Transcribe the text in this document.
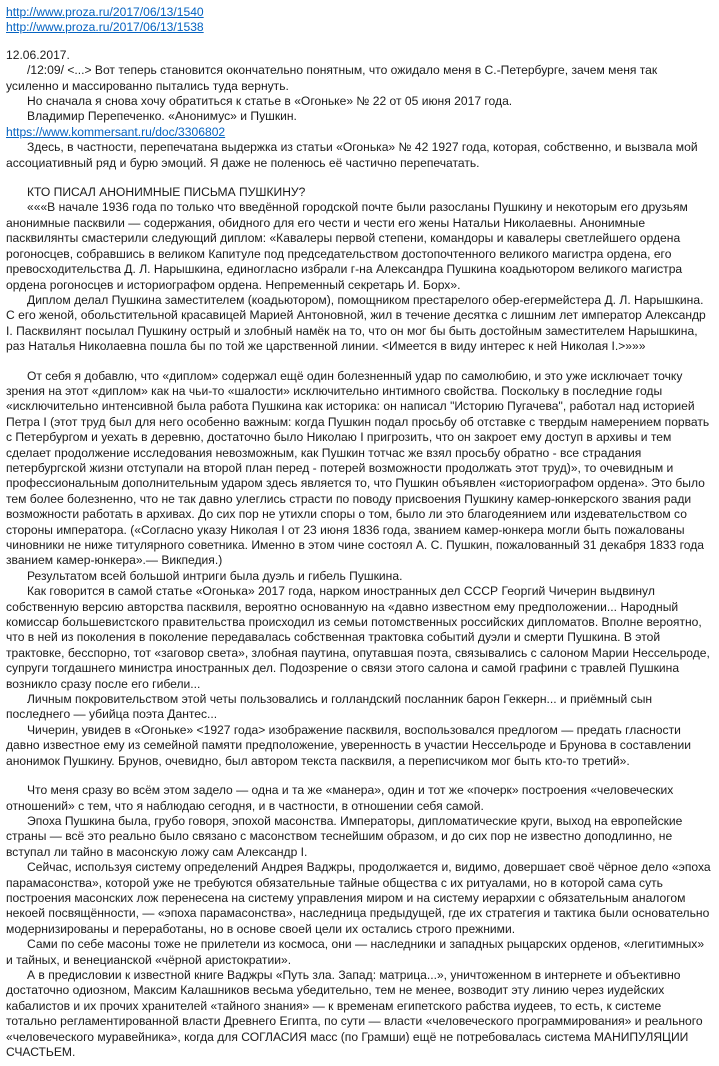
http://www.proza.ru/2017/06/13/1540
http://www.proza.ru/2017/06/13/1538

12.06.2017.

/12:09/ <...> Вот теперь становится окончательно понятным, что ожидало меня в С.-Петербурге, зачем меня так усиленно и массированно пытались туда вернуть.

Но сначала я снова хочу обратиться к статье в «Огоньке» № 22 от 05 июня 2017 года.

Владимир Перепеченко. «Анонимус» и Пушкин.

https://www.kommersant.ru/doc/3306802

Здесь, в частности, перепечатана выдержка из статьи «Огонька» № 42 1927 года, которая, собственно, и вызвала мой ассоциативный ряд и бурю эмоций. Я даже не поленюсь её частично перепечатать.

КТО ПИСАЛ АНОНИМНЫЕ ПИСЬМА ПУШКИНУ?

«««В начале 1936 года по только что введённой городской почте были разосланы Пушкину и некоторым его друзьям анонимные пасквили — содержания, обидного для его чести и чести его жены Натальи Николаевны. Анонимные пасквилянты смастерили следующий диплом: «Кавалеры первой степени, командоры и кавалеры светлейшего ордена рогоносцев, собравшись в великом Капитуле под председательством достопочтенного великого магистра ордена, его превосходительства Д. Л. Нарышкина, единогласно избрали г-на Александра Пушкина коадьютором великого магистра ордена рогоносцев и историографом ордена. Непременный секретарь И. Борх».

Диплом делал Пушкина заместителем (коадьютором), помощником престарелого обер-егермейстера Д. Л. Нарышкина. С его женой, обольстительной красавицей Марией Антоновной, жил в течение десятка с лишним лет император Александр I. Пасквилянт посылал Пушкину острый и злобный намёк на то, что он мог бы быть достойным заместителем Нарышкина, раз Наталья Николаевна пошла бы по той же царственной линии. <Имеется в виду интерес к ней Николая I.>»»»

От себя я добавлю, что «диплом» содержал ещё один болезненный удар по самолюбию, и это уже исключает точку зрения на этот «диплом» как на чьи-то «шалости» исключительно интимного свойства. Поскольку в последние годы «исключительно интенсивной была работа Пушкина как историка: он написал "Историю Пугачева", работал над историей Петра I (этот труд был для него особенно важным: когда Пушкин подал просьбу об отставке с твердым намерением порвать с Петербургом и уехать в деревню, достаточно было Николаю I пригрозить, что он закроет ему доступ в архивы и тем сделает продолжение исследования невозможным, как Пушкин тотчас же взял просьбу обратно - все страдания петербургской жизни отступали на второй план перед - потерей возможности продолжать этот труд)», то очевидным и профессиональным дополнительным ударом здесь является то, что Пушкин объявлен «историографом ордена». Это было тем более болезненно, что не так давно улеглись страсти по поводу присвоения Пушкину камер-юнкерского звания ради возможности работать в архивах. До сих пор не утихли споры о том, было ли это благодеянием или издевательством со стороны императора. («Согласно указу Николая I от 23 июня 1836 года, званием камер-юнкера могли быть пожалованы чиновники не ниже титулярного советника. Именно в этом чине состоял А. С. Пушкин, пожалованный 31 декабря 1833 года званием камер-юнкера».— Викпедия.)

Результатом всей большой интриги была дуэль и гибель Пушкина.

Как говорится в самой статье «Огонька» 2017 года, нарком иностранных дел СССР Георгий Чичерин выдвинул собственную версию авторства пасквиля, вероятно основанную на «давно известном ему предположении... Народный комиссар большевистского правительства происходил из семьи потомственных российских дипломатов. Вполне вероятно, что в ней из поколения в поколение передавалась собственная трактовка событий дуэли и смерти Пушкина. В этой трактовке, бесспорно, тот «заговор света», злобная паутина, опутавшая поэта, связывались с салоном Марии Нессельроде, супруги тогдашнего министра иностранных дел. Подозрение о связи этого салона и самой графини с травлей Пушкина возникло сразу после его гибели...

Личным покровительством этой четы пользовались и голландский посланник барон Геккерн... и приёмный сын последнего — убийца поэта Дантес...

Чичерин, увидев в «Огоньке» <1927 года> изображение пасквиля, воспользовался предлогом — предать гласности давно известное ему из семейной памяти предположение, уверенность в участии Нессельроде и Брунова в составлении анонимок Пушкину. Брунов, очевидно, был автором текста пасквиля, а переписчиком мог быть кто-то третий».

Что меня сразу во всём этом задело — одна и та же «манера», один и тот же «почерк» построения «человеческих отношений» с тем, что я наблюдаю сегодня, и в частности, в отношении себя самой.

Эпоха Пушкина была, грубо говоря, эпохой масонства. Императоры, дипломатические круги, выход на европейские страны — всё это реально было связано с масонством теснейшим образом, и до сих пор не известно доподлинно, не вступал ли тайно в масонскую ложу сам Александр I.

Сейчас, используя систему определений Андрея Ваджры, продолжается и, видимо, довершает своё чёрное дело «эпоха парамасонства», которой уже не требуются обязательные тайные общества с их ритуалами, но в которой сама суть построения масонских лож перенесена на систему управления миром и на систему иерархии с обязательным аналогом некоей посвящённости, — «эпоха парамасонства», наследница предыдущей, где их стратегия и тактика были основательно модернизированы и переработаны, но в основе своей цели их остались строго прежними.

Сами по себе масоны тоже не прилетели из космоса, они — наследники и западных рыцарских орденов, «легитимных» и тайных, и венецианской «чёрной аристократии».

А в предисловии к известной книге Ваджры «Путь зла. Запад: матрица...», уничтоженном в интернете и объективно достаточно одиозном, Максим Калашников весьма убедительно, тем не менее, возводит эту линию через иудейских кабалистов и их прочих хранителей «тайного знания» — к временам египетского рабства иудеев, то есть, к системе тотально регламентированной власти Древнего Египта, по сути — власти «человеческого программирования» и реального «человеческого муравейника», когда для СОГЛАСИЯ масс (по Грамши) ещё не потребовалась система МАНИПУЛЯЦИИ СЧАСТЬЕМ.
